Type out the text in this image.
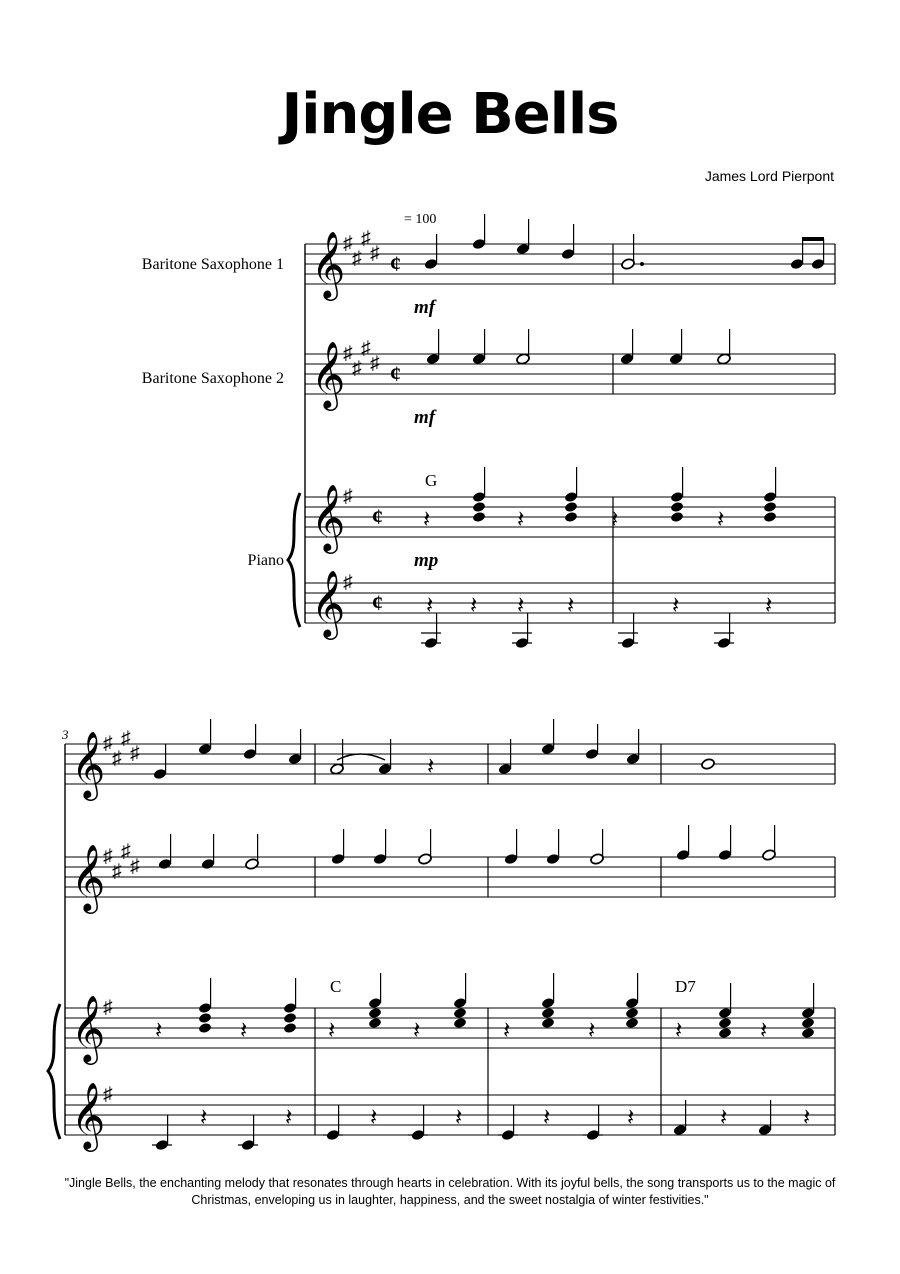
Jingle Bells
James Lord Pierpont
Baritone Saxophone 1
Baritone Saxophone 2
Piano
𝄞
♯
♯
♯
♯ ¢
𝄞
♯
♯
♯
♯ ¢
𝄞
♯
¢
𝄞
♯
¢
𝄽	𝄽	𝄽	𝄽
𝄽	𝄽
𝄽	𝄽	𝄽	𝄽
𝄞
♯
♯
♯
♯
𝄞
♯
♯
♯
♯
𝄞
♯
𝄞
♯
𝄽
𝄽	𝄽	𝄽	𝄽	𝄽	𝄽	𝄽	𝄽
𝄽	𝄽	𝄽	𝄽	𝄽	𝄽	𝄽	𝄽
= 100
mf
mf
mp
G
C	D7
3
"Jingle Bells, the enchanting melody that resonates through hearts in celebration. With its joyful bells, the song transports us to the magic of Christmas, enveloping us in laughter, happiness, and the sweet nostalgia of winter festivities."
